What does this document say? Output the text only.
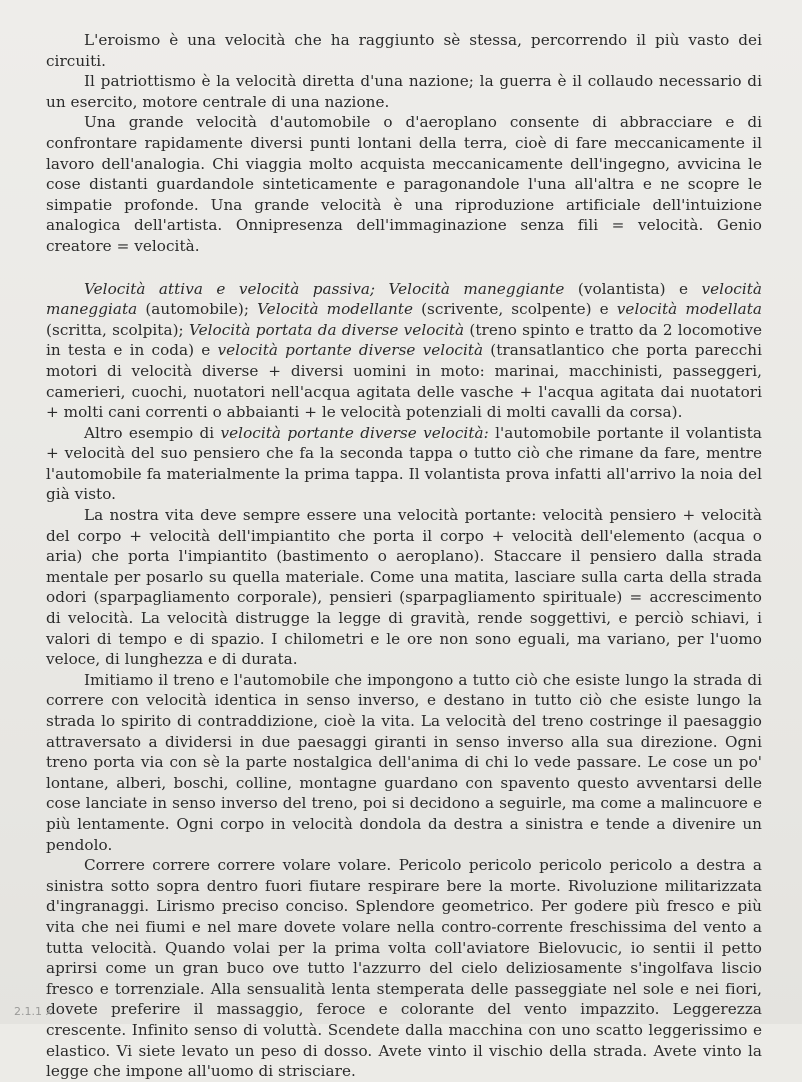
L'eroismo è una velocità che ha raggiunto sè stessa, percorrendo il più vasto dei circuiti.

Il patriottismo è la velocità diretta d'una nazione; la guerra è il collaudo necessario di un esercito, motore centrale di una nazione.

Una grande velocità d'automobile o d'aeroplano consente di abbracciare e di confrontare rapidamente diversi punti lontani della terra, cioè di fare meccanicamente il lavoro dell'analogia. Chi viaggia molto acquista meccanicamente dell'ingegno, avvicina le cose distanti guardandole sinteticamente e paragonandole l'una all'altra e ne scopre le simpatie profonde. Una grande velocità è una riproduzione artificiale dell'intuizione analogica dell'artista. Onnipresenza dell'immaginazione senza fili = velocità. Genio creatore = velocità.

Velocità attiva e velocità passiva; Velocità maneggiante (volantista) e velocità maneggiata (automobile); Velocità modellante (scrivente, scolpente) e velocità modellata (scritta, scolpita); Velocità portata da diverse velocità (treno spinto e tratto da 2 locomotive in testa e in coda) e velocità portante diverse velocità (transatlantico che porta parecchi motori di velocità diverse + diversi uomini in moto: marinai, macchinisti, passeggeri, camerieri, cuochi, nuotatori nell'acqua agitata delle vasche + l'acqua agitata dai nuotatori + molti cani correnti o abbaianti + le velocità potenziali di molti cavalli da corsa).

Altro esempio di velocità portante diverse velocità: l'automobile portante il volantista + velocità del suo pensiero che fa la seconda tappa o tutto ciò che rimane da fare, mentre l'automobile fa materialmente la prima tappa. Il volantista prova infatti all'arrivo la noia del già visto.

La nostra vita deve sempre essere una velocità portante: velocità pensiero + velocità del corpo + velocità dell'impiantito che porta il corpo + velocità dell'elemento (acqua o aria) che porta l'impiantito (bastimento o aeroplano). Staccare il pensiero dalla strada mentale per posarlo su quella materiale. Come una matita, lasciare sulla carta della strada odori (sparpagliamento corporale), pensieri (sparpagliamento spirituale) = accrescimento di velocità. La velocità distrugge la legge di gravità, rende soggettivi, e perciò schiavi, i valori di tempo e di spazio. I chilometri e le ore non sono eguali, ma variano, per l'uomo veloce, di lunghezza e di durata.

Imitiamo il treno e l'automobile che impongono a tutto ciò che esiste lungo la strada di correre con velocità identica in senso inverso, e destano in tutto ciò che esiste lungo la strada lo spirito di contraddizione, cioè la vita. La velocità del treno costringe il paesaggio attraversato a dividersi in due paesaggi giranti in senso inverso alla sua direzione. Ogni treno porta via con sè la parte nostalgica dell'anima di chi lo vede passare. Le cose un po' lontane, alberi, boschi, colline, montagne guardano con spavento questo avventarsi delle cose lanciate in senso inverso del treno, poi si decidono a seguirle, ma come a malincuore e più lentamente. Ogni corpo in velocità dondola da destra a sinistra e tende a divenire un pendolo.

Correre correre correre volare volare. Pericolo pericolo pericolo pericolo a destra a sinistra sotto sopra dentro fuori fiutare respirare bere la morte. Rivoluzione militarizzata d'ingranaggi. Lirismo preciso conciso. Splendore geometrico. Per godere più fresco e più vita che nei fiumi e nel mare dovete volare nella contro-corrente freschissima del vento a tutta velocità. Quando volai per la prima volta coll'aviatore Bielovucic, io sentii il petto aprirsi come un gran buco ove tutto l'azzurro del cielo deliziosamente s'ingolfava liscio fresco e torrenziale. Alla sensualità lenta stemperata delle passeggiate nel sole e nei fiori, dovete preferire il massaggio, feroce e colorante del vento impazzito. Leggerezza crescente. Infinito senso di voluttà. Scendete dalla macchina con uno scatto leggerissimo e elastico. Vi siete levato un peso di dosso. Avete vinto il vischio della strada. Avete vinto la legge che impone all'uomo di strisciare.

2.1.1 x
